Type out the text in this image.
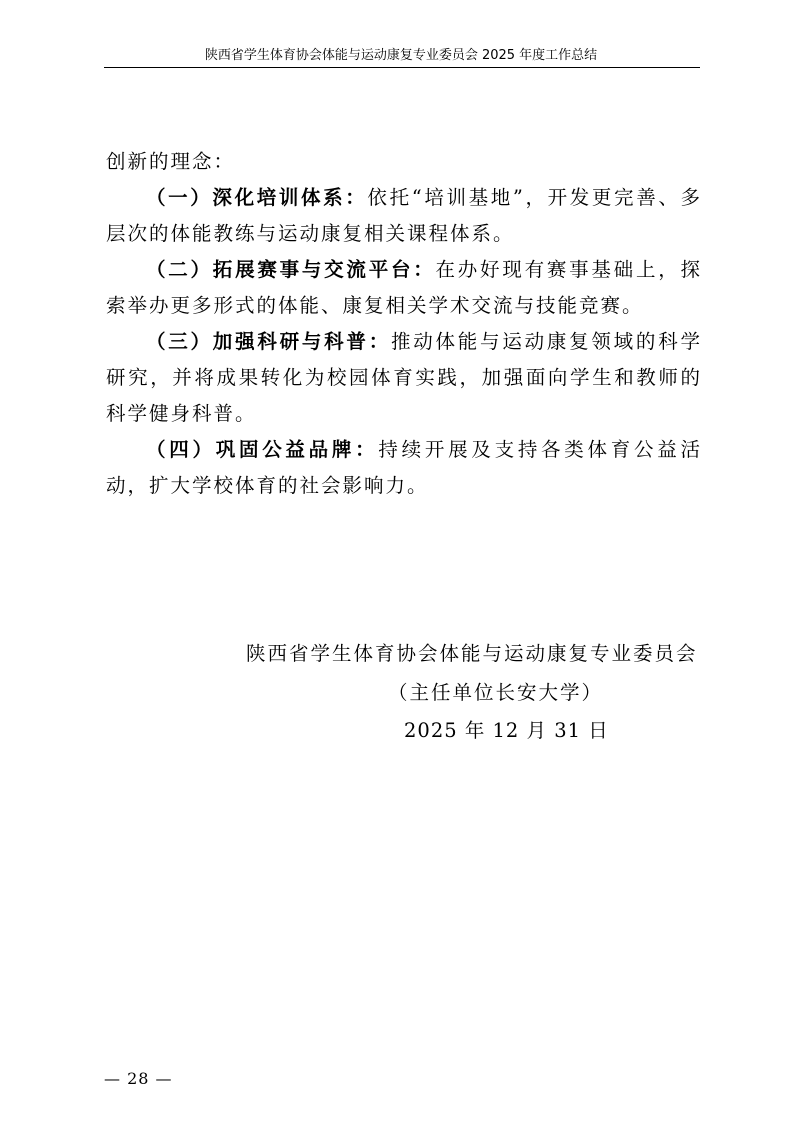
陕西省学生体育协会体能与运动康复专业委员会 2025 年度工作总结

创新的理念：

（一）深化培训体系：依托“培训基地”，开发更完善、多层次的体能教练与运动康复相关课程体系。

（二）拓展赛事与交流平台：在办好现有赛事基础上，探索举办更多形式的体能、康复相关学术交流与技能竞赛。

（三）加强科研与科普：推动体能与运动康复领域的科学研究，并将成果转化为校园体育实践，加强面向学生和教师的科学健身科普。

（四）巩固公益品牌：持续开展及支持各类体育公益活动，扩大学校体育的社会影响力。

陕西省学生体育协会体能与运动康复专业委员会
（主任单位长安大学）
2025 年 12 月 31 日
— 28 —
